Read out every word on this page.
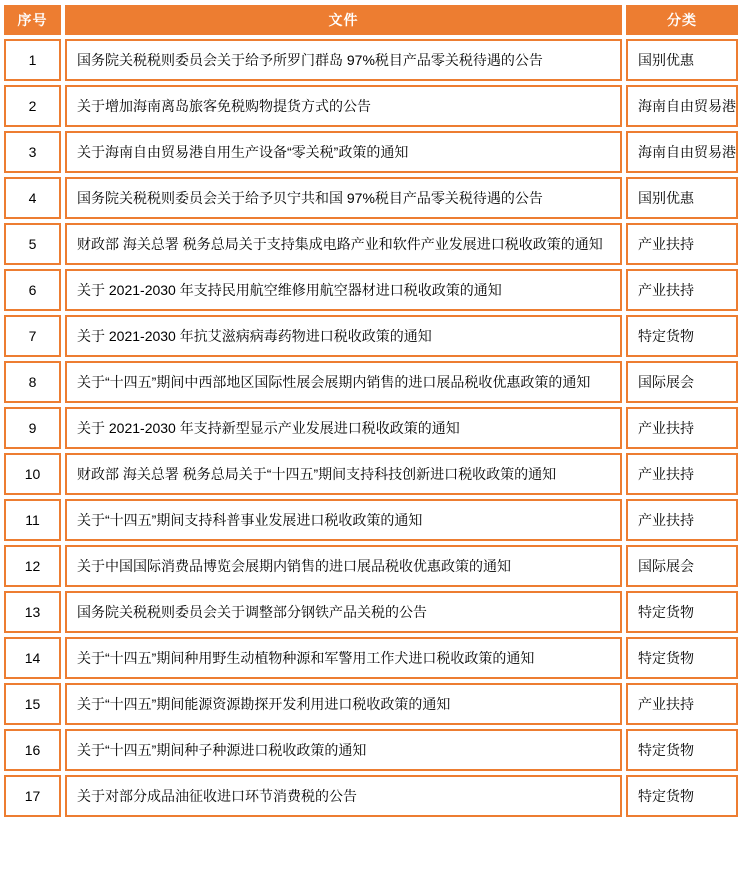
序号	文件	分类
1	国务院关税税则委员会关于给予所罗门群岛 97%税目产品零关税待遇的公告	国别优惠
2	关于增加海南离岛旅客免税购物提货方式的公告	海南自由贸易港
3	关于海南自由贸易港自用生产设备“零关税”政策的通知	海南自由贸易港
4	国务院关税税则委员会关于给予贝宁共和国 97%税目产品零关税待遇的公告	国别优惠
5	财政部 海关总署 税务总局关于支持集成电路产业和软件产业发展进口税收政策的通知	产业扶持
6	关于 2021-2030 年支持民用航空维修用航空器材进口税收政策的通知	产业扶持
7	关于 2021-2030 年抗艾滋病病毒药物进口税收政策的通知	特定货物
8	关于“十四五”期间中西部地区国际性展会展期内销售的进口展品税收优惠政策的通知	国际展会
9	关于 2021-2030 年支持新型显示产业发展进口税收政策的通知	产业扶持
10	财政部 海关总署 税务总局关于“十四五”期间支持科技创新进口税收政策的通知	产业扶持
11	关于“十四五”期间支持科普事业发展进口税收政策的通知	产业扶持
12	关于中国国际消费品博览会展期内销售的进口展品税收优惠政策的通知	国际展会
13	国务院关税税则委员会关于调整部分钢铁产品关税的公告	特定货物
14	关于“十四五”期间种用野生动植物种源和军警用工作犬进口税收政策的通知	特定货物
15	关于“十四五”期间能源资源勘探开发利用进口税收政策的通知	产业扶持
16	关于“十四五”期间种子种源进口税收政策的通知	特定货物
17	关于对部分成品油征收进口环节消费税的公告	特定货物
